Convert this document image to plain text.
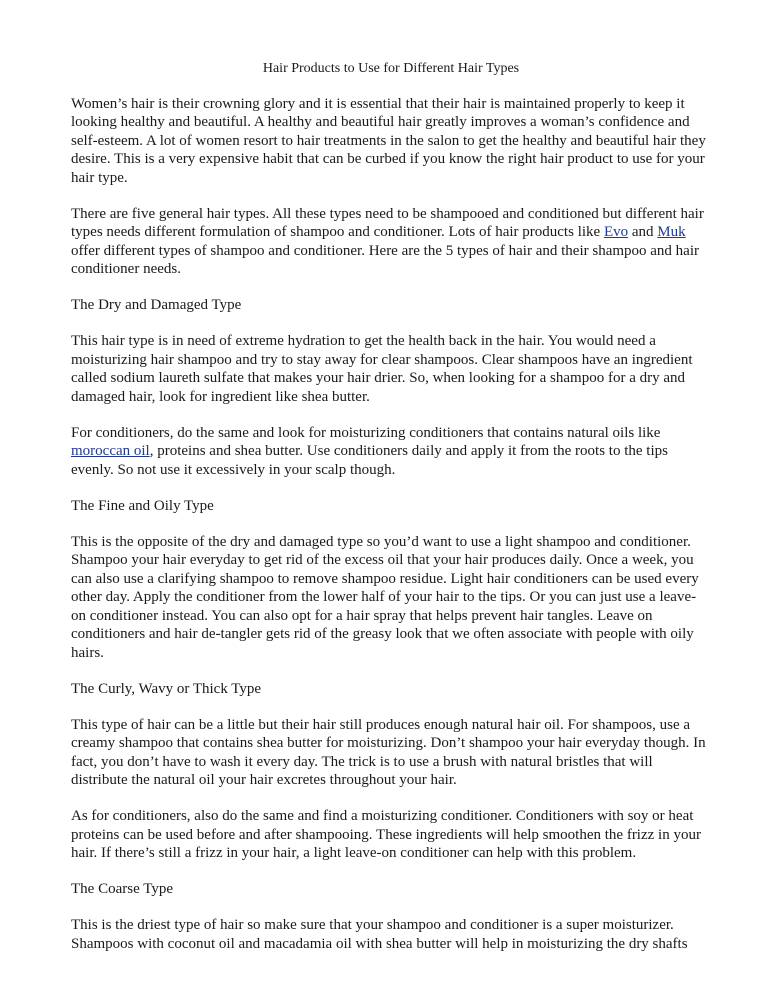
Hair Products to Use for Different Hair Types

Women’s hair is their crowning glory and it is essential that their hair is maintained properly to keep it looking healthy and beautiful. A healthy and beautiful hair greatly improves a woman’s confidence and self-esteem. A lot of women resort to hair treatments in the salon to get the healthy and beautiful hair they desire. This is a very expensive habit that can be curbed if you know the right hair product to use for your hair type.

There are five general hair types. All these types need to be shampooed and conditioned but different hair types needs different formulation of shampoo and conditioner. Lots of hair products like Evo and Muk offer different types of shampoo and conditioner. Here are the 5 types of hair and their shampoo and hair conditioner needs.

The Dry and Damaged Type

This hair type is in need of extreme hydration to get the health back in the hair. You would need a moisturizing hair shampoo and try to stay away for clear shampoos. Clear shampoos have an ingredient called sodium laureth sulfate that makes your hair drier. So, when looking for a shampoo for a dry and damaged hair, look for ingredient like shea butter.

For conditioners, do the same and look for moisturizing conditioners that contains natural oils like moroccan oil, proteins and shea butter. Use conditioners daily and apply it from the roots to the tips evenly. So not use it excessively in your scalp though.

The Fine and Oily Type

This is the opposite of the dry and damaged type so you’d want to use a light shampoo and conditioner. Shampoo your hair everyday to get rid of the excess oil that your hair produces daily. Once a week, you can also use a clarifying shampoo to remove shampoo residue. Light hair conditioners can be used every other day. Apply the conditioner from the lower half of your hair to the tips. Or you can just use a leave-on conditioner instead. You can also opt for a hair spray that helps prevent hair tangles. Leave on conditioners and hair de-tangler gets rid of the greasy look that we often associate with people with oily hairs.

The Curly, Wavy or Thick Type

This type of hair can be a little but their hair still produces enough natural hair oil. For shampoos, use a creamy shampoo that contains shea butter for moisturizing. Don’t shampoo your hair everyday though. In fact, you don’t have to wash it every day. The trick is to use a brush with natural bristles that will distribute the natural oil your hair excretes throughout your hair.

As for conditioners, also do the same and find a moisturizing conditioner. Conditioners with soy or heat proteins can be used before and after shampooing. These ingredients will help smoothen the frizz in your hair. If there’s still a frizz in your hair, a light leave-on conditioner can help with this problem.

The Coarse Type

This is the driest type of hair so make sure that your shampoo and conditioner is a super moisturizer. Shampoos with coconut oil and macadamia oil with shea butter will help in moisturizing the dry shafts
